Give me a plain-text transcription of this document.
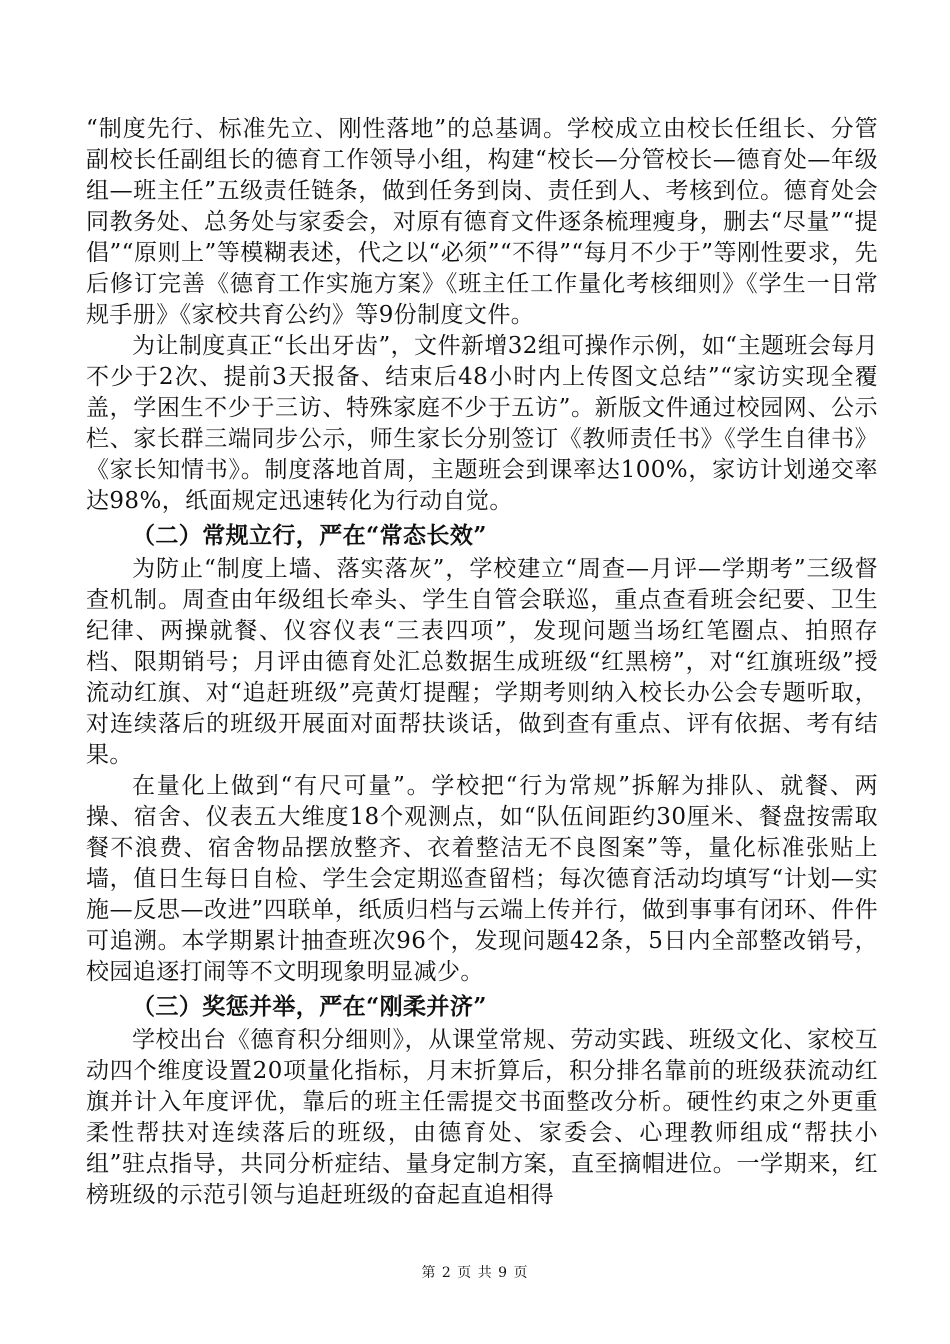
“制度先行、标准先立、刚性落地”的总基调。学校成立由校长任组长、分管副校长任副组长的德育工作领导小组，构建“校长—分管校长—德育处—年级组—班主任”五级责任链条，做到任务到岗、责任到人、考核到位。德育处会同教务处、总务处与家委会，对原有德育文件逐条梳理瘦身，删去“尽量”“提倡”“原则上”等模糊表述，代之以“必须”“不得”“每月不少于”等刚性要求，先后修订完善《德育工作实施方案》《班主任工作量化考核细则》《学生一日常规手册》《家校共育公约》等9份制度文件。

为让制度真正“长出牙齿”，文件新增32组可操作示例，如“主题班会每月不少于2次、提前3天报备、结束后48小时内上传图文总结”“家访实现全覆盖，学困生不少于三访、特殊家庭不少于五访”。新版文件通过校园网、公示栏、家长群三端同步公示，师生家长分别签订《教师责任书》《学生自律书》《家长知情书》。制度落地首周，主题班会到课率达100%，家访计划递交率达98%，纸面规定迅速转化为行动自觉。

（二）常规立行，严在“常态长效”

为防止“制度上墙、落实落灰”，学校建立“周查—月评—学期考”三级督查机制。周查由年级组长牵头、学生自管会联巡，重点查看班会纪要、卫生纪律、两操就餐、仪容仪表“三表四项”，发现问题当场红笔圈点、拍照存档、限期销号；月评由德育处汇总数据生成班级“红黑榜”，对“红旗班级”授流动红旗、对“追赶班级”亮黄灯提醒；学期考则纳入校长办公会专题听取，对连续落后的班级开展面对面帮扶谈话，做到查有重点、评有依据、考有结果。

在量化上做到“有尺可量”。学校把“行为常规”拆解为排队、就餐、两操、宿舍、仪表五大维度18个观测点，如“队伍间距约30厘米、餐盘按需取餐不浪费、宿舍物品摆放整齐、衣着整洁无不良图案”等，量化标准张贴上墙，值日生每日自检、学生会定期巡查留档；每次德育活动均填写“计划—实施—反思—改进”四联单，纸质归档与云端上传并行，做到事事有闭环、件件可追溯。本学期累计抽查班次96个，发现问题42条，5日内全部整改销号，校园追逐打闹等不文明现象明显减少。

（三）奖惩并举，严在“刚柔并济”

学校出台《德育积分细则》，从课堂常规、劳动实践、班级文化、家校互动四个维度设置20项量化指标，月末折算后，积分排名靠前的班级获流动红旗并计入年度评优，靠后的班主任需提交书面整改分析。硬性约束之外更重柔性帮扶对连续落后的班级，由德育处、家委会、心理教师组成“帮扶小组”驻点指导，共同分析症结、量身定制方案，直至摘帽进位。一学期来，红榜班级的示范引领与追赶班级的奋起直追相得

第 2 页 共 9 页
